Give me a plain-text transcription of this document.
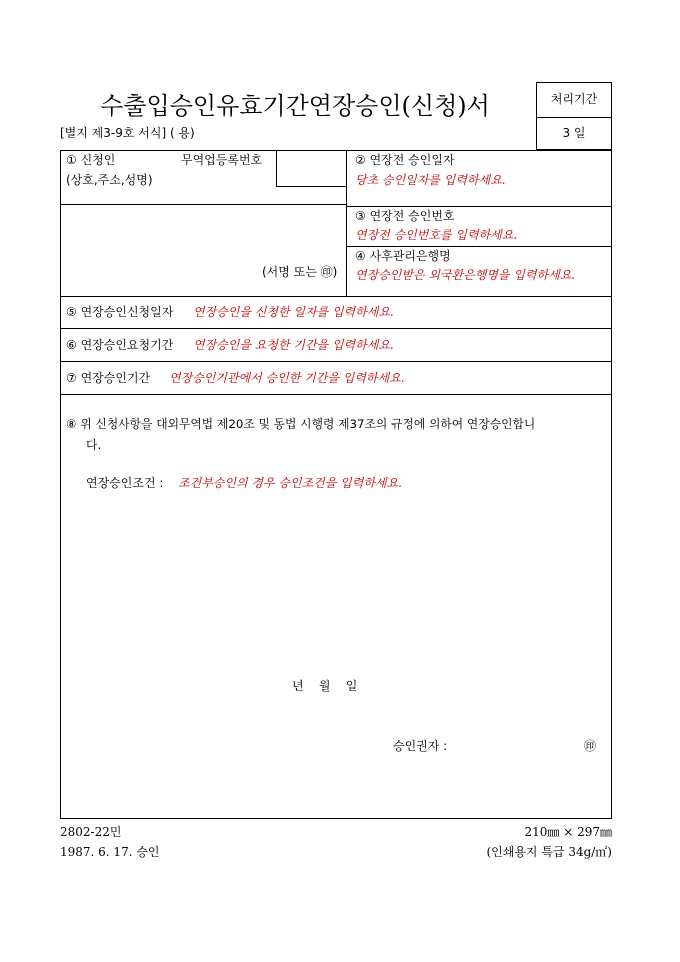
수출입승인유효기간연장승인(신청)서	처리기간
3 일
[별지 제3-9호 서식] ( 용)
① 신청인	무역업등록번호
(상호,주소,성명)
(서명 또는 ㊞)
② 연장전 승인일자
당초 승인일자를 입력하세요.
③ 연장전 승인번호
연장전 승인번호를 입력하세요.
④ 사후관리은행명
연장승인받은 외국환은행명을 입력하세요.
⑤ 연장승인신청일자 연장승인을 신청한 일자를 입력하세요.
⑥ 연장승인요청기간 연장승인을 요청한 기간을 입력하세요.
⑦ 연장승인기간 연장승인기관에서 승인한 기간을 입력하세요.
⑧ 위 신청사항을 대외무역법 제20조 및 동법 시행령 제37조의 규정에 의하여 연장승인합니
다.
연장승인조건 : 조건부승인의 경우 승인조건을 입력하세요.
년    월    일
승인권자 :	㊞
2802-22민
1987. 6. 17. 승인
210㎜ × 297㎜
(인쇄용지 특급 34g/㎡)
